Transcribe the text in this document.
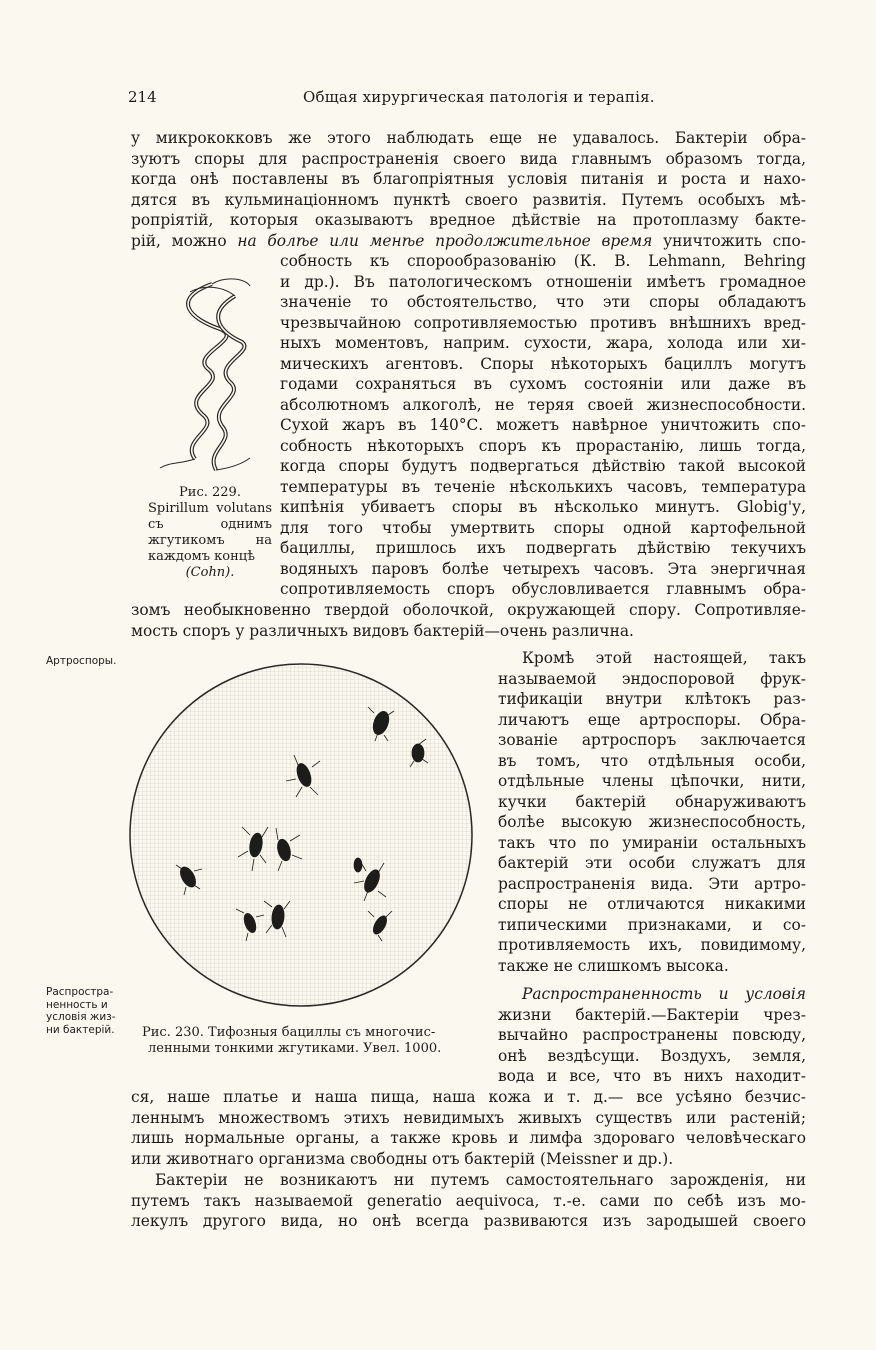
214	Общая хирургическая патологія и терапія.
у микрококковъ же этого наблюдать еще не удавалось. Бактеріи обра-
зуютъ споры для распространенія своего вида главнымъ образомъ тогда,
когда онѣ поставлены въ благопріятныя условія питанія и роста и нахо-
дятся въ кульминаціонномъ пунктѣ своего развитія. Путемъ особыхъ мѣ-
ропріятій, которыя оказываютъ вредное дѣйствіе на протоплазму бакте-
рій, можно на болѣе или менѣе продолжительное время уничтожить спо-
собность къ спорообразованію (К. В. Lehmann, Behring
и др.). Въ патологическомъ отношеніи имѣетъ громадное
значеніе то обстоятельство, что эти споры обладаютъ
чрезвычайною сопротивляемостью противъ внѣшнихъ вред-
ныхъ моментовъ, наприм. сухости, жара, холода или хи-
мическихъ агентовъ. Споры нѣкоторыхъ бациллъ могутъ
годами сохраняться въ сухомъ состояніи или даже въ
абсолютномъ алкоголѣ, не теряя своей жизнеспособности.
Сухой жаръ въ 140°С. можетъ навѣрное уничтожить спо-
собность нѣкоторыхъ споръ къ прорастанію, лишь тогда,
когда споры будутъ подвергаться дѣйствію такой высокой
температуры въ теченіе нѣсколькихъ часовъ, температура
кипѣнія убиваетъ споры въ нѣсколько минутъ. Globig'у,
для того чтобы умертвить споры одной картофельной
бациллы, пришлось ихъ подвергать дѣйствію текучихъ
водяныхъ паровъ болѣе четырехъ часовъ. Эта энергичная
сопротивляемость споръ обусловливается главнымъ обра-
зомъ необыкновенно твердой оболочкой, окружающей спору. Сопротивляе-
мость споръ у различныхъ видовъ бактерій—очень различна.
Рис. 229.
Spirillum volutans съ однимъ жгутикомъ на каждомъ концѣ
(Cohn).
Артроспоры.
Распростра- ненность и условія жиз- ни бактерій.
Кромѣ этой настоящей, такъ
называемой эндоспоровой фрук-
тификаціи внутри клѣтокъ раз-
личаютъ еще артроспоры. Обра-
зованіе артроспоръ заключается
въ томъ, что отдѣльныя особи,
отдѣльные члены цѣпочки, нити,
кучки бактерій обнаруживаютъ
болѣе высокую жизнеспособность,
такъ что по умираніи остальныхъ
бактерій эти особи служатъ для
распространенія вида. Эти артро-
споры не отличаются никакими
типическими признаками, и со-
противляемость ихъ, повидимому,
также не слишкомъ высока.
Распространенность и условія
жизни бактерій.—Бактеріи чрез-
вычайно распространены повсюду,
онѣ вездѣсущи. Воздухъ, земля,
вода и все, что въ нихъ находит-
Рис. 230. Тифозныя бациллы съ многочис-
ленными тонкими жгутиками. Увел. 1000.
ся, наше платье и наша пища, наша кожа и т. д.— все усѣяно безчис-
леннымъ множествомъ этихъ невидимыхъ живыхъ существъ или растеній;
лишь нормальные органы, а также кровь и лимфа здороваго человѣческаго
или животнаго организма свободны отъ бактерій (Meissner и др.).
Бактеріи не возникаютъ ни путемъ самостоятельнаго зарожденія, ни
путемъ такъ называемой generatio aequivoca, т.-е. сами по себѣ изъ мо-
лекулъ другого вида, но онѣ всегда развиваются изъ зародышей своего
